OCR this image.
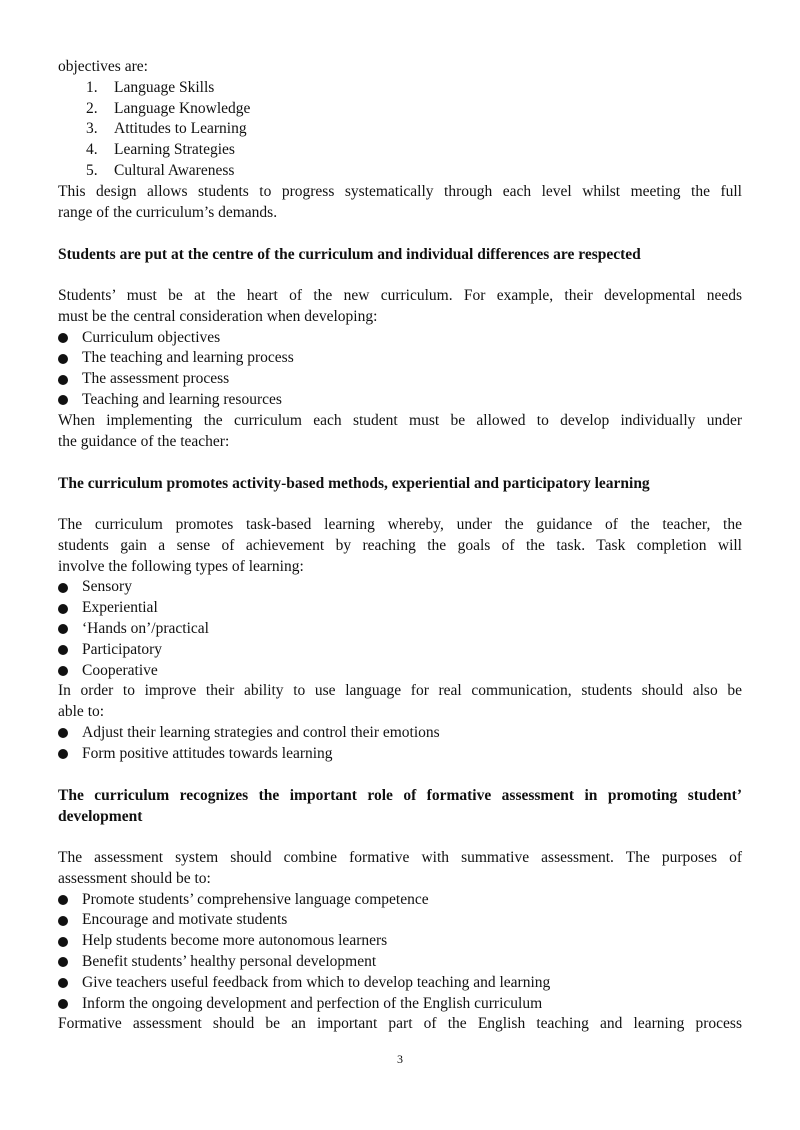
objectives are:

1.	Language Skills
2.	Language Knowledge
3.	Attitudes to Learning
4.	Learning Strategies
5.	Cultural Awareness

This design allows students to progress systematically through each level whilst meeting the full

range of the curriculum’s demands.

Students are put at the centre of the curriculum and individual differences are respected

Students’ must be at the heart of the new curriculum. For example, their developmental needs

must be the central consideration when developing:

Curriculum objectives
The teaching and learning process
The assessment process
Teaching and learning resources

When implementing the curriculum each student must be allowed to develop individually under

the guidance of the teacher:

The curriculum promotes activity-based methods, experiential and participatory learning

The curriculum promotes task-based learning whereby, under the guidance of the teacher, the

students gain a sense of achievement by reaching the goals of the task. Task completion will

involve the following types of learning:

Sensory
Experiential
‘Hands on’/practical
Participatory
Cooperative

In order to improve their ability to use language for real communication, students should also be

able to:

Adjust their learning strategies and control their emotions
Form positive attitudes towards learning
The curriculum recognizes the important role of formative assessment in promoting student’
development

The assessment system should combine formative with summative assessment. The purposes of

assessment should be to:

Promote students’ comprehensive language competence
Encourage and motivate students
Help students become more autonomous learners
Benefit students’ healthy personal development
Give teachers useful feedback from which to develop teaching and learning
Inform the ongoing development and perfection of the English curriculum

Formative assessment should be an important part of the English teaching and learning process

3
